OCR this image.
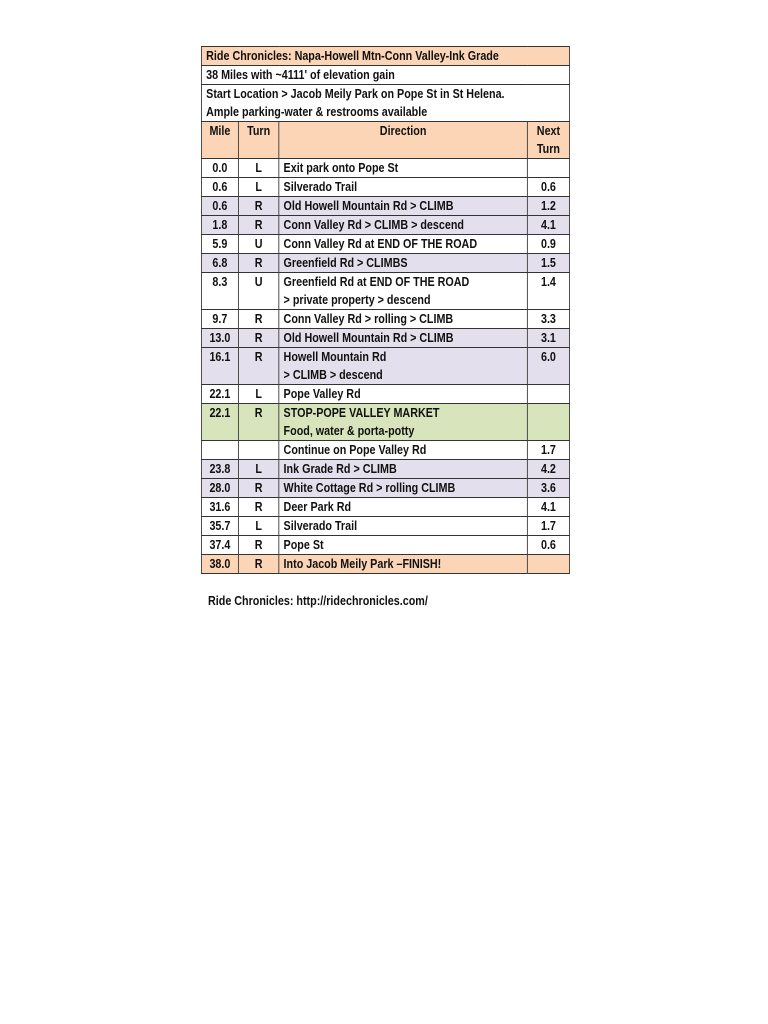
Ride Chronicles: Napa-Howell Mtn-Conn Valley-Ink Grade			
38 Miles with ~4111' of elevation gain			

Start Location > Jacob Meily Park on Pope St in St Helena.
Ample parking-water & restrooms available			

Mile	Turn	Direction	Next
Turn

0.0	L	Exit park onto Pope St	

0.6	L	Silverado Trail	0.6
0.6	R	Old Howell Mountain Rd > CLIMB	1.2
1.8	R	Conn Valley Rd > CLIMB > descend	4.1
5.9	U	Conn Valley Rd at END OF THE ROAD	0.9
6.8	R	Greenfield Rd > CLIMBS	1.5
8.3	U	Greenfield Rd at END OF THE ROAD
> private property > descend	1.4
9.7	R	Conn Valley Rd > rolling > CLIMB	3.3
13.0	R	Old Howell Mountain Rd > CLIMB	3.1
16.1	R	Howell Mountain Rd
> CLIMB > descend	6.0
22.1	L	Pope Valley Rd	

22.1	R	STOP-POPE VALLEY MARKET
Food, water & porta-potty	

		Continue on Pope Valley Rd	1.7
23.8	L	Ink Grade Rd > CLIMB	4.2
28.0	R	White Cottage Rd > rolling CLIMB	3.6
31.6	R	Deer Park Rd	4.1
35.7	L	Silverado Trail	1.7
37.4	R	Pope St	0.6
38.0	R	Into Jacob Meily Park –FINISH!	

Ride Chronicles: http://ridechronicles.com/
